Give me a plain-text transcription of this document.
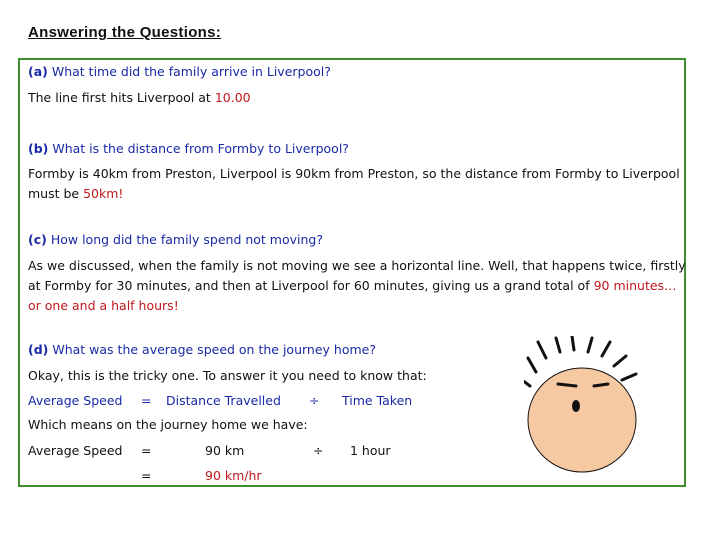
Answering the Questions:
(a) What time did the family arrive in Liverpool?
The line first hits Liverpool at 10.00
(b) What is the distance from Formby to Liverpool?
Formby is 40km from Preston, Liverpool is 90km from Preston, so the distance from Formby to Liverpool must be 50km!
(c) How long did the family spend not moving?
As we discussed, when the family is not moving we see a horizontal line. Well, that happens twice, firstly at Formby for 30 minutes, and then at Liverpool for 60 minutes, giving us a grand total of 90 minutes… or one and a half hours!
(d) What was the average speed on the journey home?
Okay, this is the tricky one. To answer it you need to know that:
Average Speed = Distance Travelled ÷ Time Taken
Which means on the journey home we have:
Average Speed =	90 km	÷ 1 hour
=	90 km/hr
